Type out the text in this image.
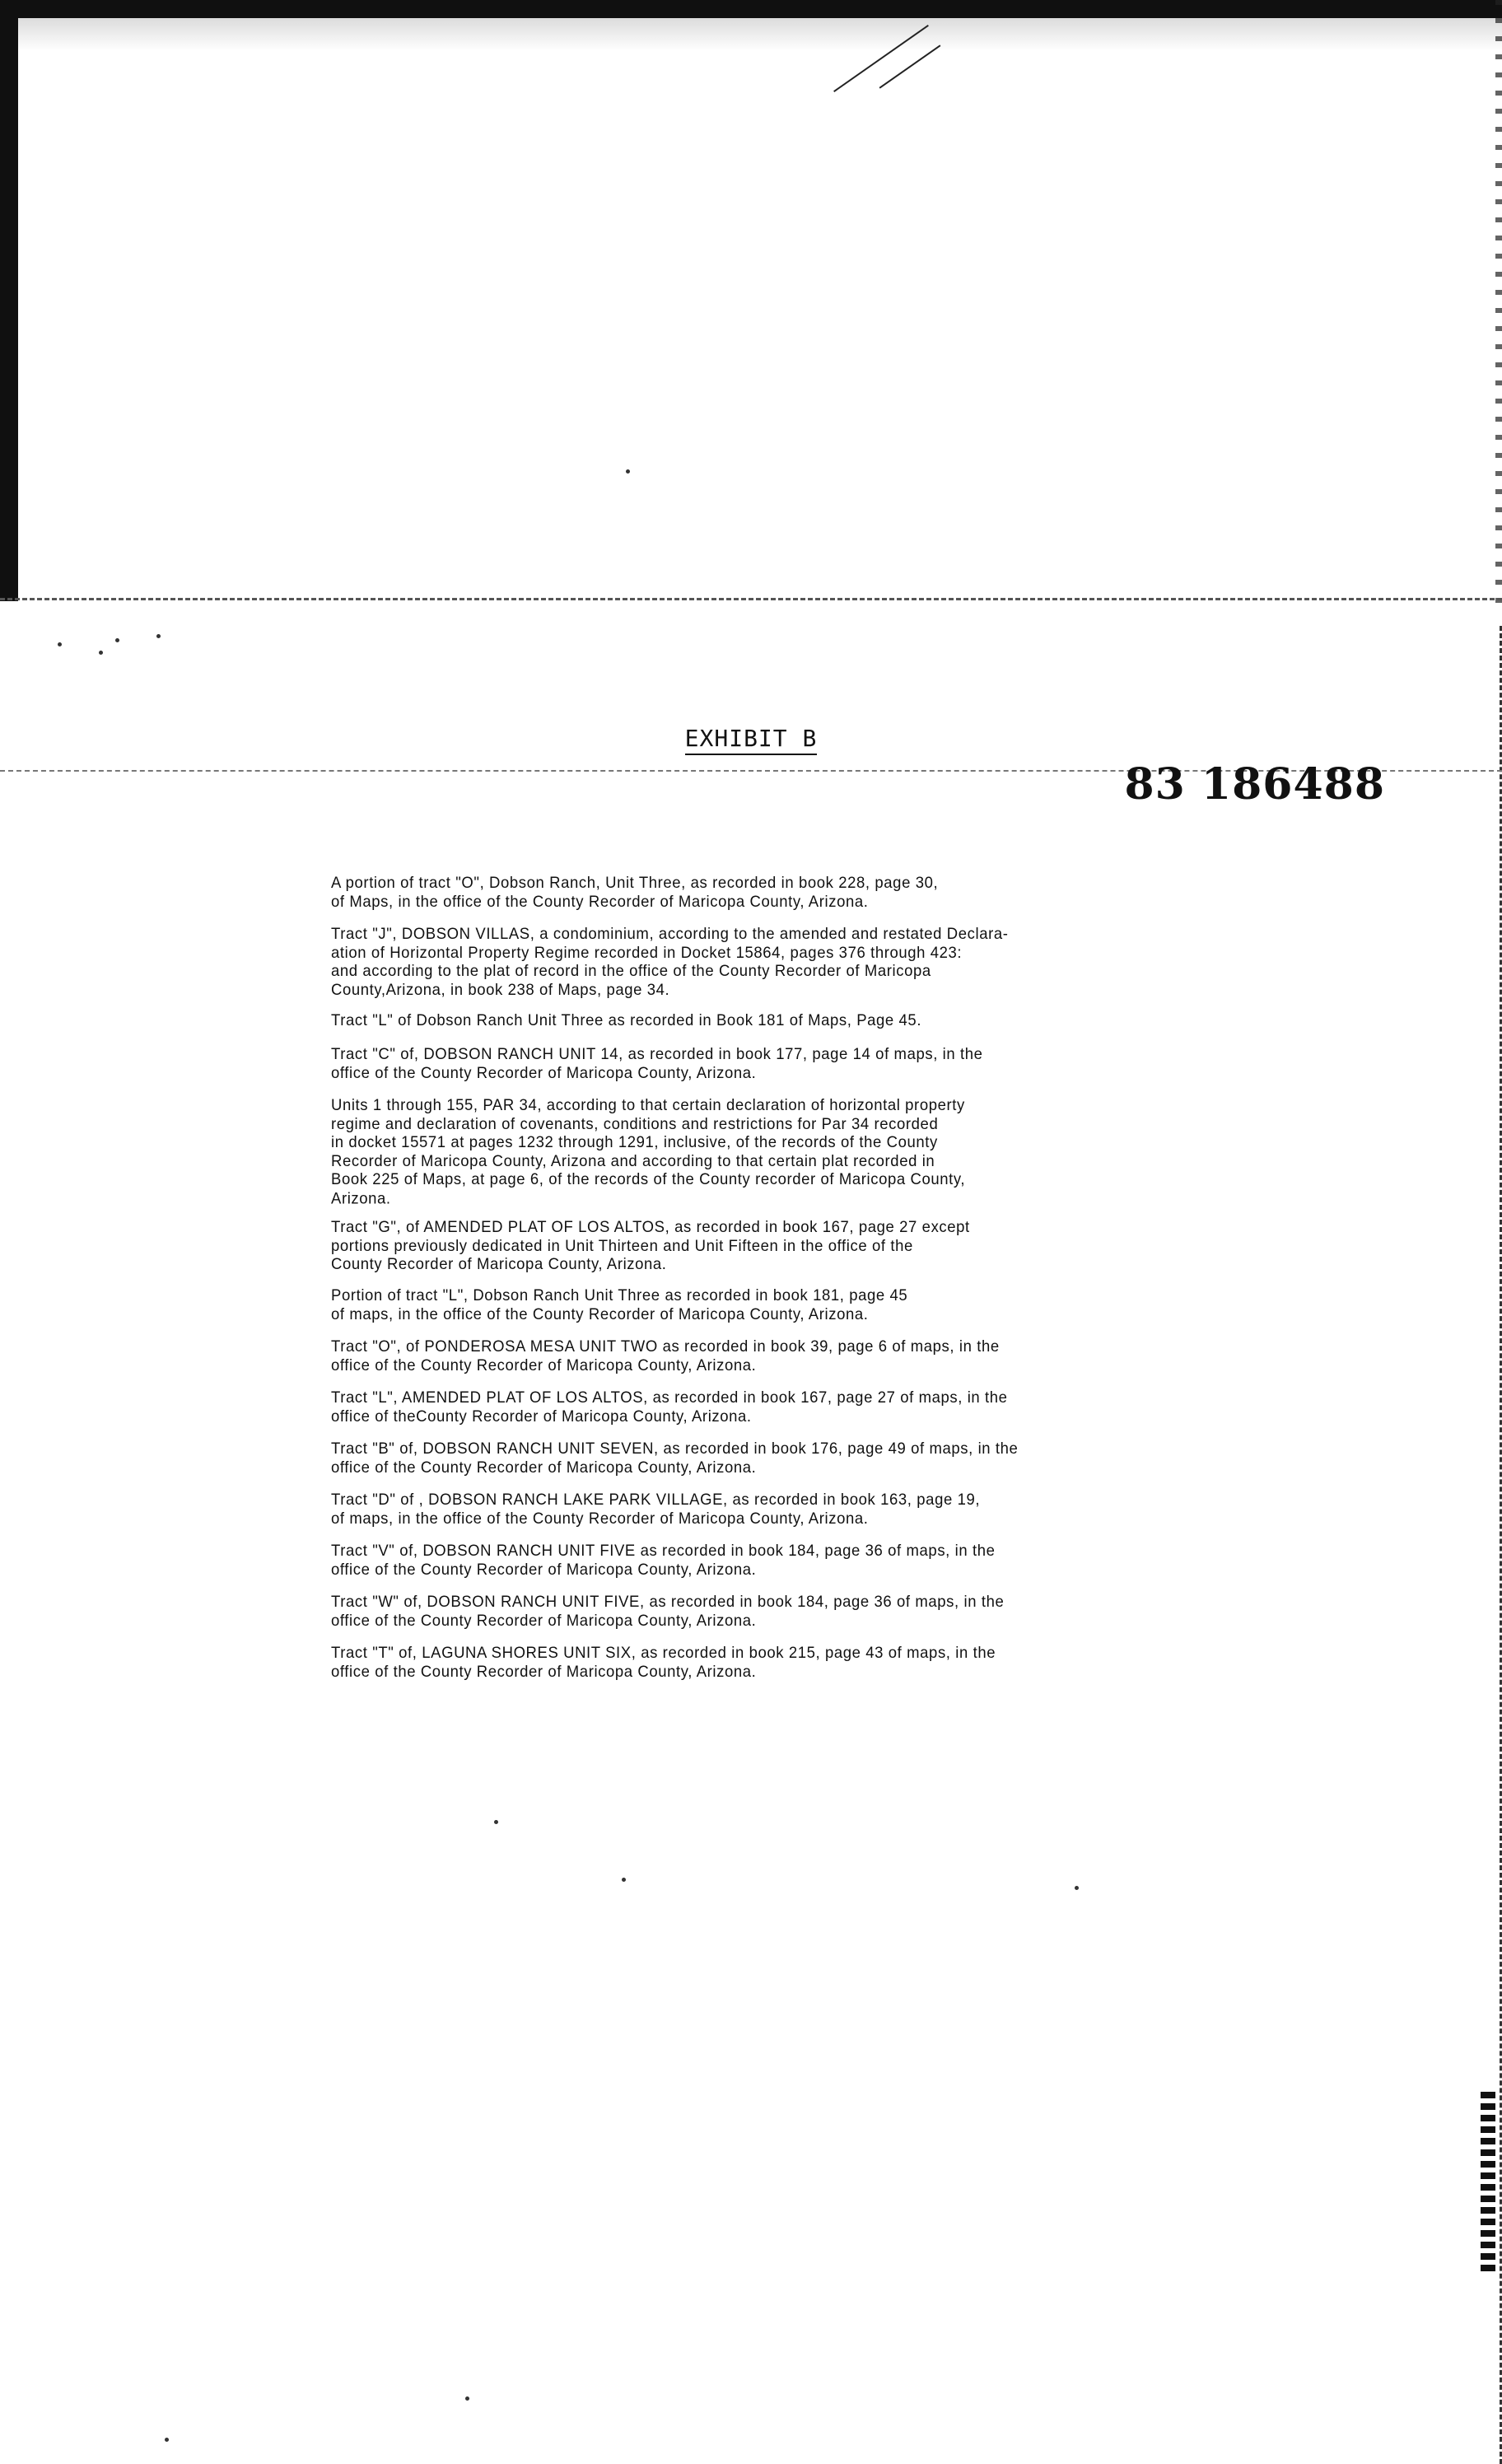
EXHIBIT B
83 186488

A portion of tract "O", Dobson Ranch, Unit Three, as recorded in book 228, page 30,
of Maps, in the office of the County Recorder of Maricopa County, Arizona.

Tract "J", DOBSON VILLAS, a condominium, according to the amended and restated Declara-
ation of Horizontal Property Regime recorded in Docket 15864, pages 376 through 423:
and according to the plat of record in the office of the County Recorder of Maricopa
County,Arizona, in book 238 of Maps, page 34.

Tract "L" of Dobson Ranch Unit Three as recorded in Book 181 of Maps, Page 45.

Tract "C" of, DOBSON RANCH UNIT 14, as recorded in book 177, page 14 of maps, in the
office of the County Recorder of Maricopa County, Arizona.

Units 1 through 155, PAR 34, according to that certain declaration of horizontal property
regime and declaration of covenants, conditions and restrictions for Par 34 recorded
in docket 15571 at pages 1232 through 1291, inclusive, of the records of the County
Recorder of Maricopa County, Arizona and according to that certain plat recorded in
Book 225 of Maps, at page 6, of the records of the County recorder of Maricopa County,
Arizona.

Tract "G", of AMENDED PLAT OF LOS ALTOS, as recorded in book 167, page 27 except
portions previously dedicated in Unit Thirteen and Unit Fifteen in the office of the
County Recorder of Maricopa County, Arizona.

Portion of tract "L", Dobson Ranch Unit Three as recorded in book 181, page 45
of maps, in the office of the County Recorder of Maricopa County, Arizona.

Tract "O", of PONDEROSA MESA UNIT TWO as recorded in book 39, page 6 of maps, in the
office of the County Recorder of Maricopa County, Arizona.

Tract "L", AMENDED PLAT OF LOS ALTOS, as recorded in book 167, page 27 of maps, in the
office of theCounty Recorder of Maricopa County, Arizona.

Tract "B" of, DOBSON RANCH UNIT SEVEN, as recorded in book 176, page 49 of maps, in the
office of the County Recorder of Maricopa County, Arizona.

Tract "D" of , DOBSON RANCH LAKE PARK VILLAGE, as recorded in book 163, page 19,
of maps, in the office of the County Recorder of Maricopa County, Arizona.

Tract "V" of, DOBSON RANCH UNIT FIVE as recorded in book 184, page 36 of maps, in the
office of the County Recorder of Maricopa County, Arizona.

Tract "W" of, DOBSON RANCH UNIT FIVE, as recorded in book 184, page 36 of maps, in the
office of the County Recorder of Maricopa County, Arizona.

Tract "T" of, LAGUNA SHORES UNIT SIX, as recorded in book 215, page 43 of maps, in the
office of the County Recorder of Maricopa County, Arizona.
